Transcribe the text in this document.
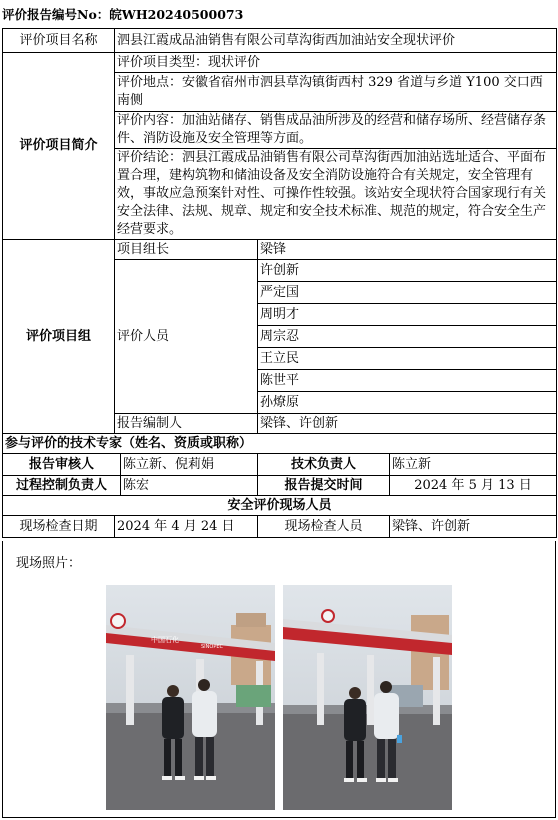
评价报告编号No：皖WH20240500073
评价项目名称	泗县江霞成品油销售有限公司草沟街西加油站安全现状评价			
评价项目简介	评价项目类型：现状评价			
	评价地点：安徽省宿州市泗县草沟镇街西村 329 省道与乡道 Y100 交口西南侧			
	评价内容：加油站储存、销售成品油所涉及的经营和储存场所、经营储存条件、消防设施及安全管理等方面。			
	评价结论：泗县江霞成品油销售有限公司草沟街西加油站选址适合、平面布置合理，建构筑物和储油设备及安全消防设施符合有关规定，安全管理有效，事故应急预案针对性、可操作性较强。该站安全现状符合国家现行有关安全法律、法规、规章、规定和安全技术标准、规范的规定，符合安全生产经营要求。			
评价项目组	项目组长		梁锋	
	评价人员		许创新	
			严定国	
			周明才	
			周宗忍	
			王立民	
			陈世平	
			孙燎原	
	报告编制人		梁锋、许创新	
参与评价的技术专家（姓名、资质或职称）				
报告审核人		陈立新、倪莉娟	技术负责人	陈立新
过程控制负责人		陈宏	报告提交时间	2024 年 5 月 13 日
安全评价现场人员				
现场检查日期	2024 年 4 月 24 日		现场检查人员	梁锋、许创新
现场照片：
中国石化
SINOPEC
